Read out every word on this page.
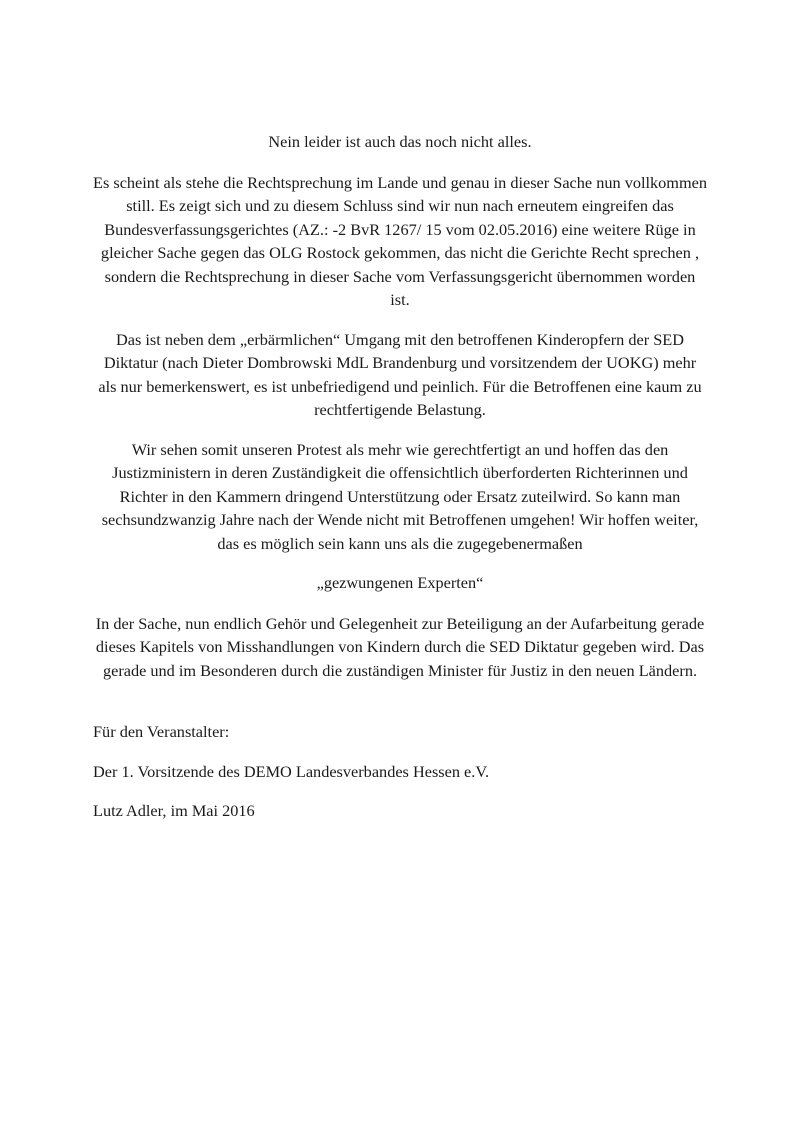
Nein leider ist auch das noch nicht alles.

Es scheint als stehe die Rechtsprechung im Lande und genau in dieser Sache nun vollkommen still. Es zeigt sich und zu diesem Schluss sind wir nun nach erneutem eingreifen das Bundesverfassungsgerichtes (AZ.: -2 BvR 1267/ 15 vom 02.05.2016) eine weitere Rüge in gleicher Sache gegen das OLG Rostock gekommen, das nicht die Gerichte Recht sprechen , sondern die Rechtsprechung in dieser Sache vom Verfassungsgericht übernommen worden ist.

Das ist neben dem „erbärmlichen“ Umgang mit den betroffenen Kinderopfern der SED Diktatur (nach Dieter Dombrowski MdL Brandenburg und vorsitzendem der UOKG) mehr als nur bemerkenswert, es ist unbefriedigend und peinlich. Für die Betroffenen eine kaum zu rechtfertigende Belastung.

Wir sehen somit unseren Protest als mehr wie gerechtfertigt an und hoffen das den Justizministern in deren Zuständigkeit die offensichtlich überforderten Richterinnen und Richter in den Kammern dringend Unterstützung oder Ersatz zuteilwird. So kann man sechsundzwanzig Jahre nach der Wende nicht mit Betroffenen umgehen! Wir hoffen weiter, das es möglich sein kann uns als die zugegebenermaßen

„gezwungenen Experten“

In der Sache, nun endlich Gehör und Gelegenheit zur Beteiligung an der Aufarbeitung gerade dieses Kapitels von Misshandlungen von Kindern durch die SED Diktatur gegeben wird. Das gerade und im Besonderen durch die zuständigen Minister für Justiz in den neuen Ländern.

Für den Veranstalter:

Der 1. Vorsitzende des DEMO Landesverbandes Hessen e.V.

Lutz Adler, im Mai 2016
